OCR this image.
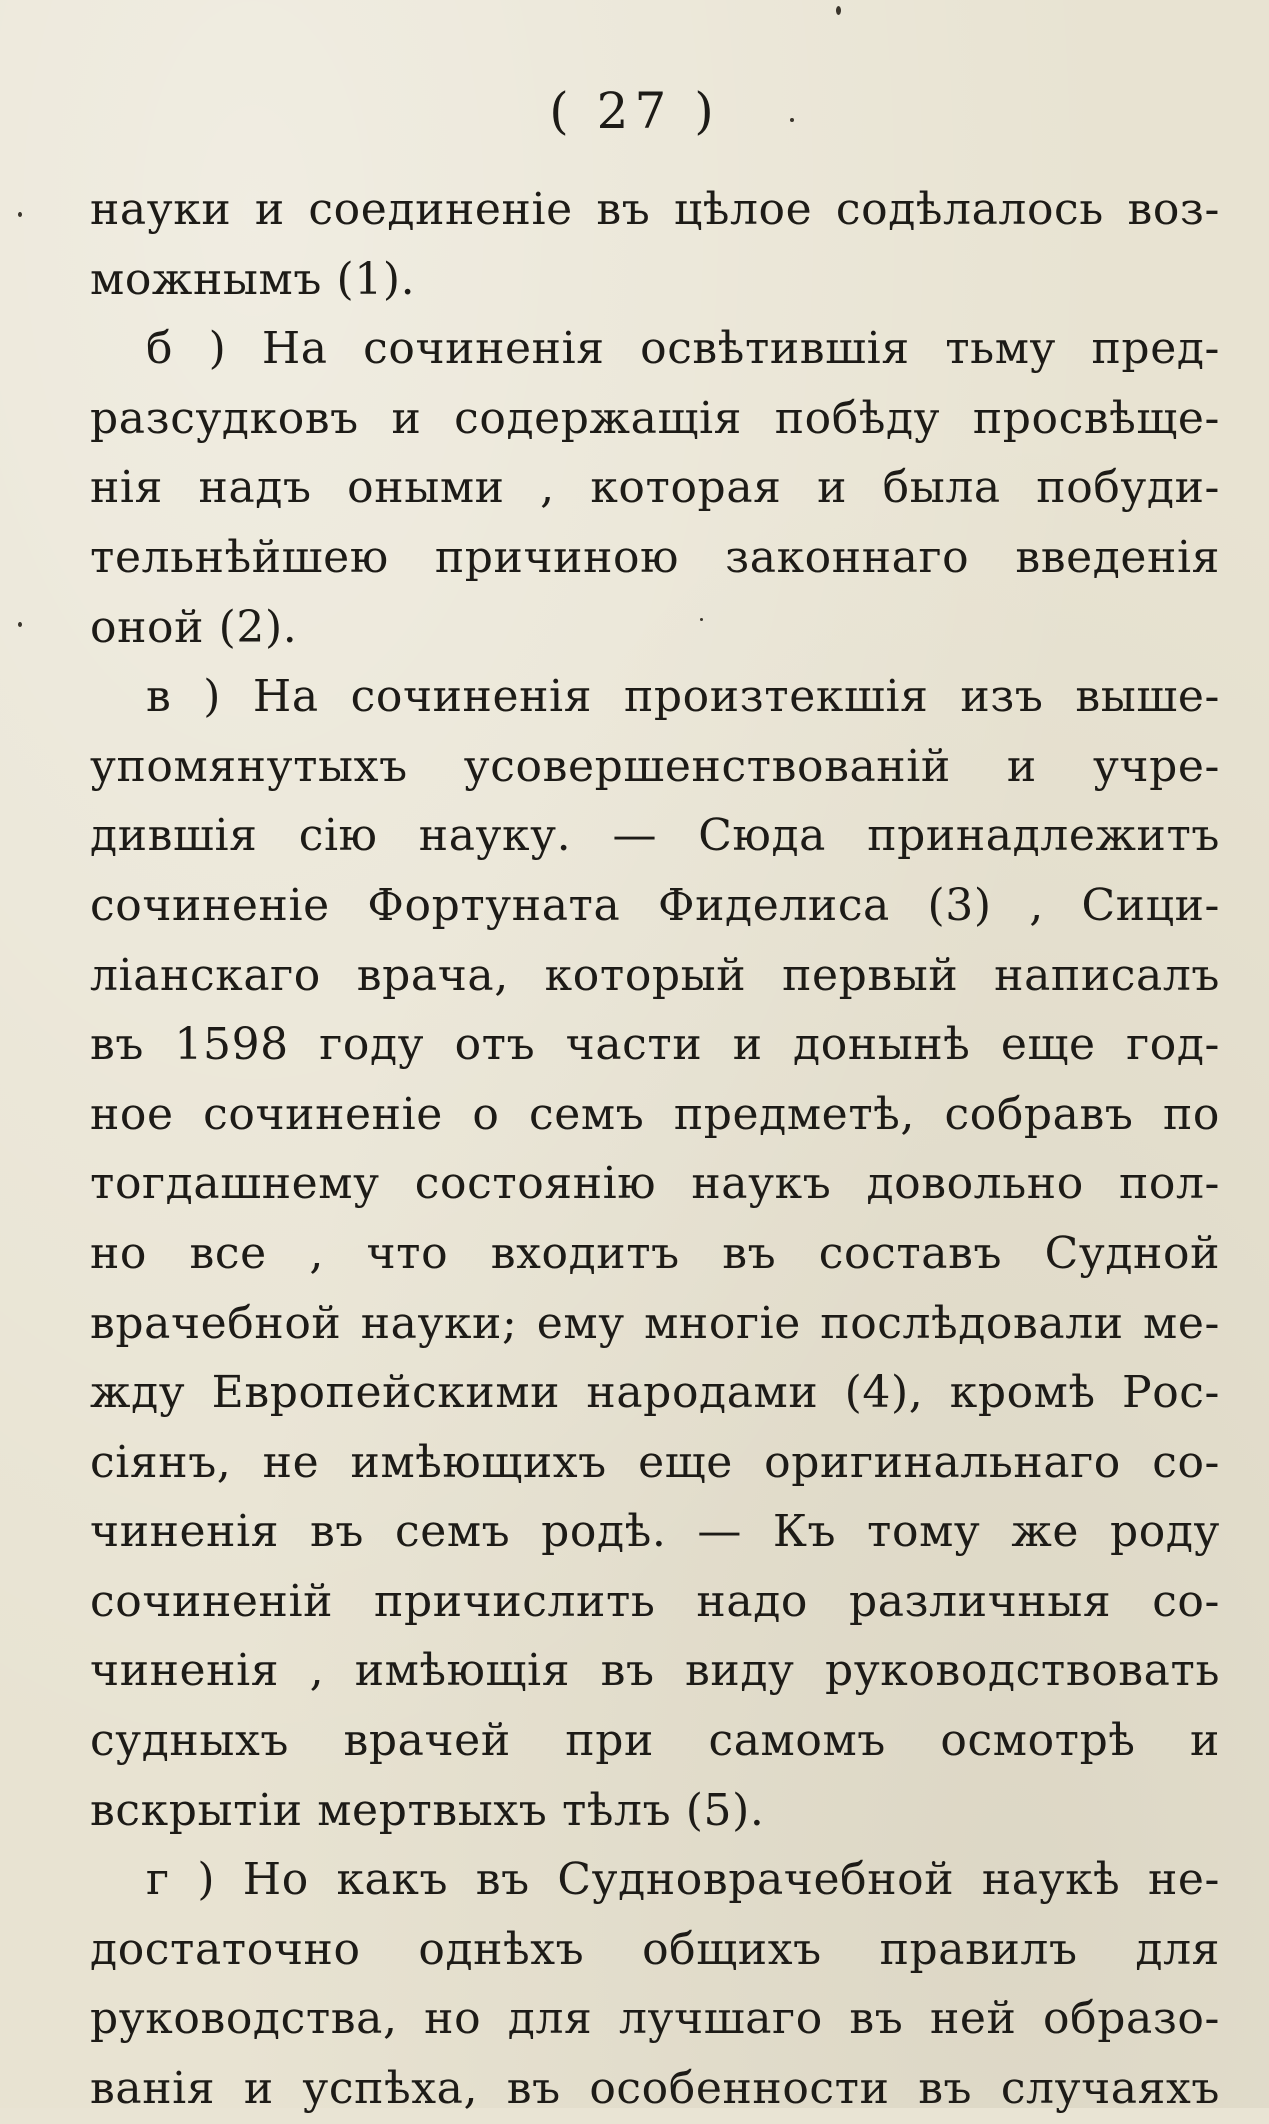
( 27 )
науки и соединеніе въ цѣлое содѣлалось воз-
можнымъ (1).
б ) На сочиненія освѣтившія тьму пред-
разсудковъ и содержащія побѣду просвѣще-
нія надъ оными , которая и была побуди-
тельнѣйшею причиною законнаго введенія
оной (2).
в ) На сочиненія произтекшія изъ выше-
упомянутыхъ усовершенствованій и учре-
дившія сію науку. — Сюда принадлежитъ
сочиненіе Фортуната Фиделиса (3) , Сици-
ліанскаго врача, который первый написалъ
въ 1598 году отъ части и донынѣ еще год-
ное сочиненіе о семъ предметѣ, собравъ по
тогдашнему состоянію наукъ довольно пол-
но все , что входитъ въ составъ Судной
врачебной науки; ему многіе послѣдовали ме-
жду Европейскими народами (4), кромѣ Рос-
сіянъ, не имѣющихъ еще оригинальнаго со-
чиненія въ семъ родѣ. — Къ тому же роду
сочиненій причислить надо различныя со-
чиненія , имѣющія въ виду руководствовать
судныхъ врачей при самомъ осмотрѣ и
вскрытіи мертвыхъ тѣлъ (5).
г ) Но какъ въ Судноврачебной наукѣ не-
достаточно однѣхъ общихъ правилъ для
руководства, но для лучшаго въ ней образо-
ванія и успѣха, въ особенности въ случаяхъ
